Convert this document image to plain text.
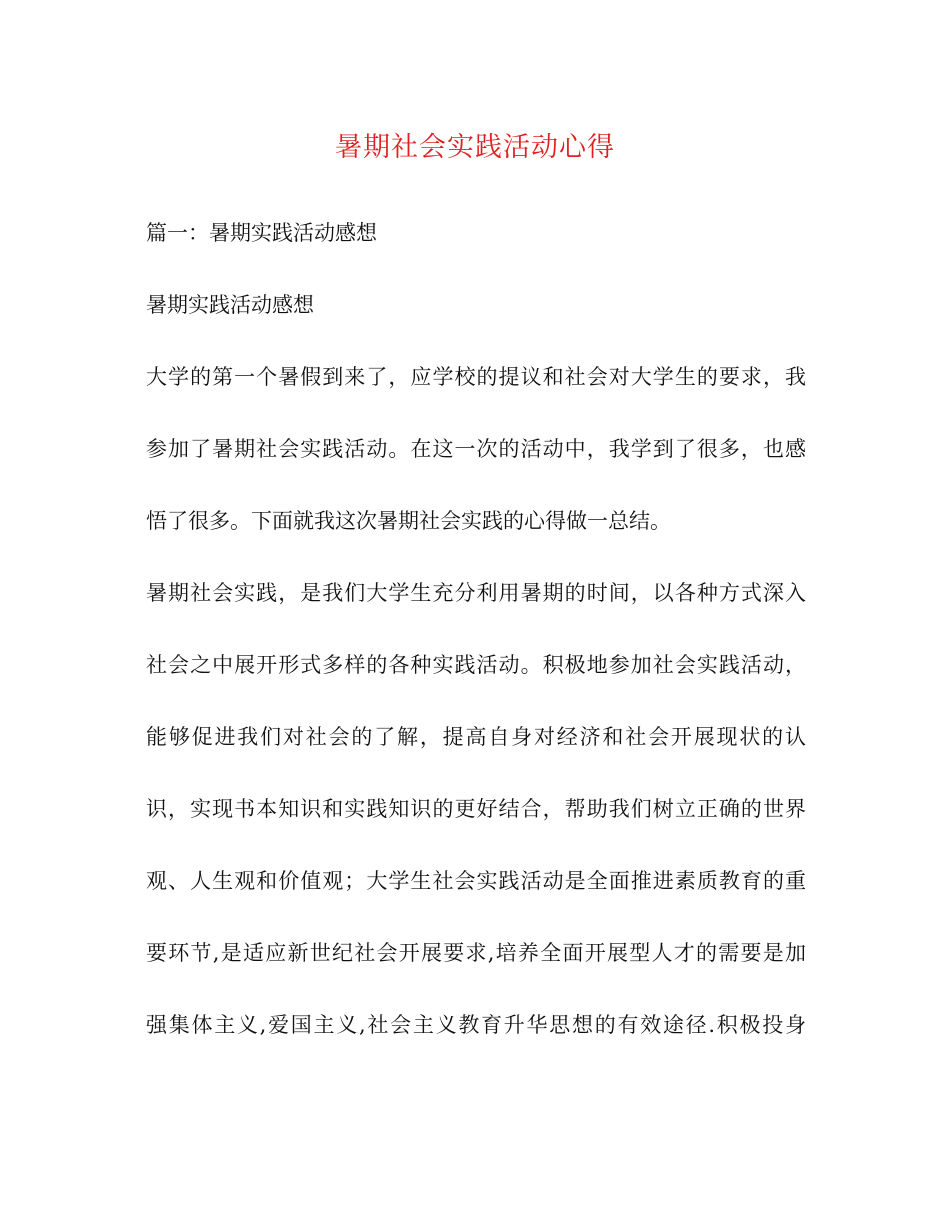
暑期社会实践活动心得
篇一：暑期实践活动感想
暑期实践活动感想
大学的第一个暑假到来了，应学校的提议和社会对大学生的要求，我
参加了暑期社会实践活动。在这一次的活动中，我学到了很多，也感
悟了很多。下面就我这次暑期社会实践的心得做一总结。
暑期社会实践，是我们大学生充分利用暑期的时间，以各种方式深入
社会之中展开形式多样的各种实践活动。积极地参加社会实践活动，
能够促进我们对社会的了解，提高自身对经济和社会开展现状的认
识，实现书本知识和实践知识的更好结合，帮助我们树立正确的世界
观、人生观和价值观；大学生社会实践活动是全面推进素质教育的重
要环节,是适应新世纪社会开展要求,培养全面开展型人才的需要是加
强集体主义,爱国主义,社会主义教育升华思想的有效途径.积极投身
